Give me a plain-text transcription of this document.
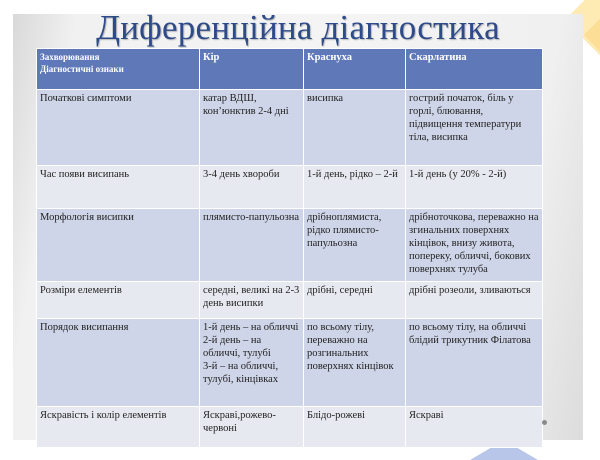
Диференційна діагностика
Захворювання
Діагностичні ознаки	Кір	Краснуха	Скарлатина
Початкові симптоми	катар ВДШ, кон’юнктив 2-4 дні	висипка	гострий початок, біль у горлі, блювання, підвищення температури тіла, висипка
Час появи висипань	3-4 день хвороби	1-й день, рідко – 2-й	1-й день (у 20% - 2-й)
Морфологія висипки	плямисто-папульозна	дрібноплямиста, рідко плямисто-папульозна	дрібноточкова, переважно на згинальних поверхнях кінцівок, внизу живота, попереку, обличчі, бокових поверхнях тулуба
Розміри елементів	середні, великі на 2-3 день висипки	дрібні, середні	дрібні розеоли, зливаються
Порядок висипання	1-й день – на обличчі
2-й день – на обличчі, тулубі
3-й – на обличчі, тулубі, кінцівках	по всьому тілу, переважно на розгинальних поверхнях кінцівок	по всьому тілу, на обличчі блідий трикутник Філатова
Яскравість і колір елементів	Яскраві,рожево-червоні	Блідо-рожеві	Яскраві
